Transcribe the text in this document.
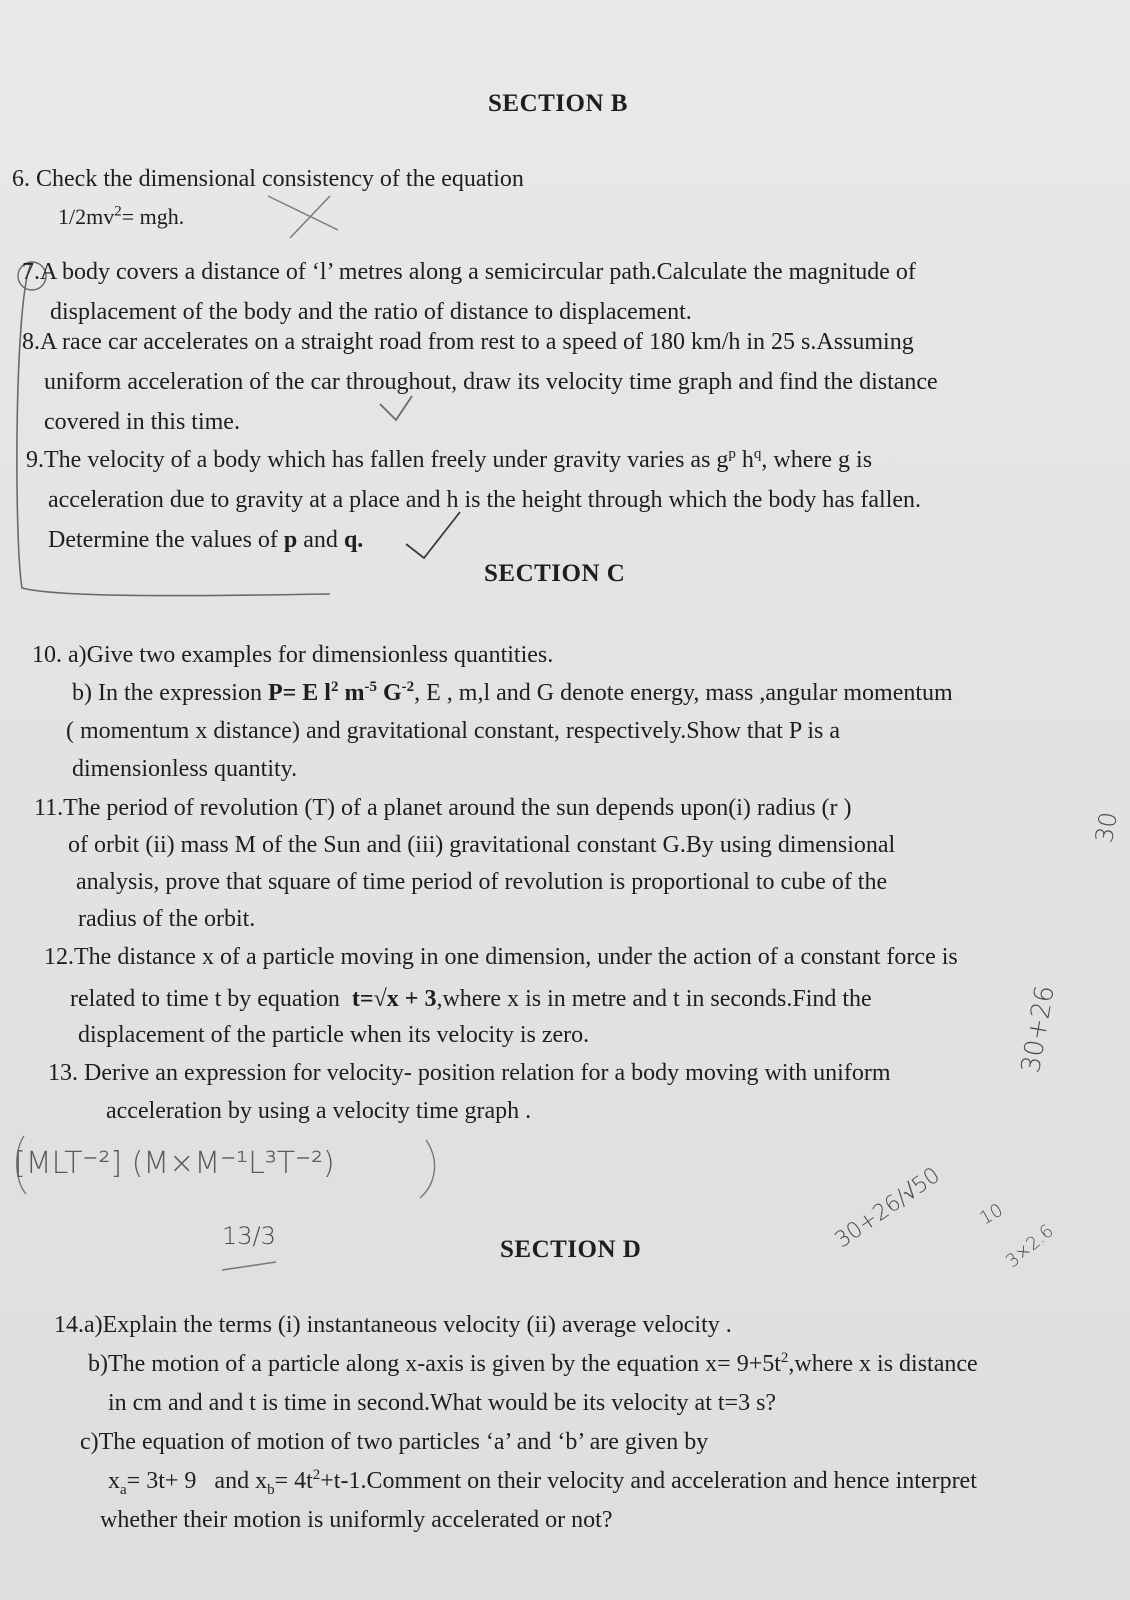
SECTION B
6. Check the dimensional consistency of the equation
$1/2mv^2=$ mgh.
7.A body covers a distance of ‘l’ metres along a semicircular path.Calculate the magnitude of
displacement of the body and the ratio of distance to displacement.
8.A race car accelerates on a straight road from rest to a speed of 180 km/h in 25 s.Assuming
uniform acceleration of the car throughout, draw its velocity time graph and find the distance
covered in this time.
9.The velocity of a body which has fallen freely under gravity varies as $g^p$ $h^q$, where g is
acceleration due to gravity at a place and h is the height through which the body has fallen.
Determine the values of p and q.
SECTION C
10. a)Give two examples for dimensionless quantities.
b) In the expression P= E $l^2$ $m^{-5}$ $G^{-2}$, E , m,l and G denote energy, mass ,angular momentum
( momentum x distance) and gravitational constant, respectively.Show that P is a
dimensionless quantity.
11.The period of revolution (T) of a planet around the sun depends upon(i) radius (r )
of orbit (ii) mass M of the Sun and (iii) gravitational constant G.By using dimensional
analysis, prove that square of time period of revolution is proportional to cube of the
radius of the orbit.
12.The distance x of a particle moving in one dimension, under the action of a constant force is
related to time t by equation  t=√x + 3,where x is in metre and t in seconds.Find the
displacement of the particle when its velocity is zero.
13. Derive an expression for velocity- position relation for a body moving with uniform
acceleration by using a velocity time graph .
[MLT⁻²] (M×M⁻¹L³T⁻²)
13/3
30+26
30
30+26/√50 10
3×2.6
SECTION D
14.a)Explain the terms (i) instantaneous velocity (ii) average velocity .
b)The motion of a particle along x-axis is given by the equation $x= 9+5t^2,where$ x is distance
in cm and and t is time in second.What would be its velocity at t=3 s?
c)The equation of motion of two particles ‘a’ and ‘b’ are given by
$x_a= 3t+ 9$   and $x_b=$ $4t^2+t-1.Comment$ on their velocity and acceleration and hence interpret
whether their motion is uniformly accelerated or not?
